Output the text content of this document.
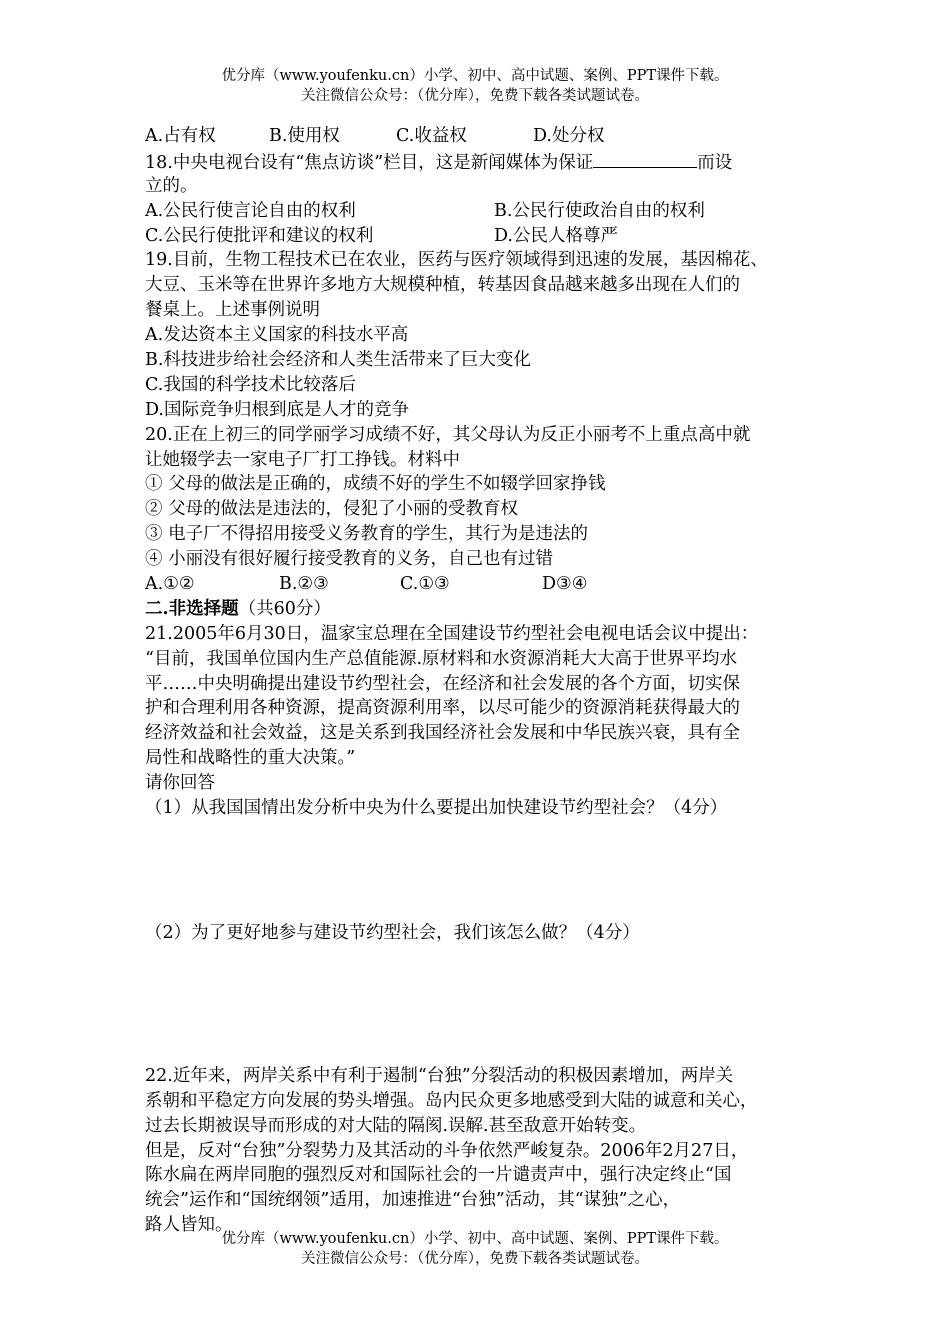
优分库（www.youfenku.cn）小学、初中、高中试题、案例、PPT课件下载。
关注微信公众号：（优分库），免费下载各类试题试卷。
A.占有权	B.使用权	C.收益权	D.处分权
18.中央电视台设有“焦点访谈”栏目，这是新闻媒体为保证	而设
立的。
A.公民行使言论自由的权利	B.公民行使政治自由的权利
C.公民行使批评和建议的权利	D.公民人格尊严
19.目前，生物工程技术已在农业，医药与医疗领域得到迅速的发展，基因棉花、
大豆、玉米等在世界许多地方大规模种植，转基因食品越来越多出现在人们的
餐桌上。上述事例说明
A.发达资本主义国家的科技水平高
B.科技进步给社会经济和人类生活带来了巨大变化
C.我国的科学技术比较落后
D.国际竞争归根到底是人才的竞争
20.正在上初三的同学丽学习成绩不好，其父母认为反正小丽考不上重点高中就
让她辍学去一家电子厂打工挣钱。材料中
① 父母的做法是正确的，成绩不好的学生不如辍学回家挣钱
② 父母的做法是违法的，侵犯了小丽的受教育权
③ 电子厂不得招用接受义务教育的学生，其行为是违法的
④ 小丽没有很好履行接受教育的义务，自己也有过错
A.①②	B.②③	C.①③	D③④
二.非选择题（共60分）
21.2005年6月30日，温家宝总理在全国建设节约型社会电视电话会议中提出：
“目前，我国单位国内生产总值能源.原材料和水资源消耗大大高于世界平均水
平……中央明确提出建设节约型社会，在经济和社会发展的各个方面，切实保
护和合理利用各种资源，提高资源利用率，以尽可能少的资源消耗获得最大的
经济效益和社会效益，这是关系到我国经济社会发展和中华民族兴衰，具有全
局性和战略性的重大决策。”
请你回答
（1）从我国国情出发分析中央为什么要提出加快建设节约型社会？（4分）
（2）为了更好地参与建设节约型社会，我们该怎么做？（4分）
22.近年来，两岸关系中有利于遏制“台独”分裂活动的积极因素增加，两岸关
系朝和平稳定方向发展的势头增强。岛内民众更多地感受到大陆的诚意和关心，
过去长期被误导而形成的对大陆的隔阂.误解.甚至敌意开始转变。
但是，反对“台独”分裂势力及其活动的斗争依然严峻复杂。2006年2月27日，
陈水扁在两岸同胞的强烈反对和国际社会的一片谴责声中，强行决定终止“国
统会”运作和“国统纲领”适用，加速推进“台独”活动，其“谋独”之心，
路人皆知。
优分库（www.youfenku.cn）小学、初中、高中试题、案例、PPT课件下载。
关注微信公众号：（优分库），免费下载各类试题试卷。
